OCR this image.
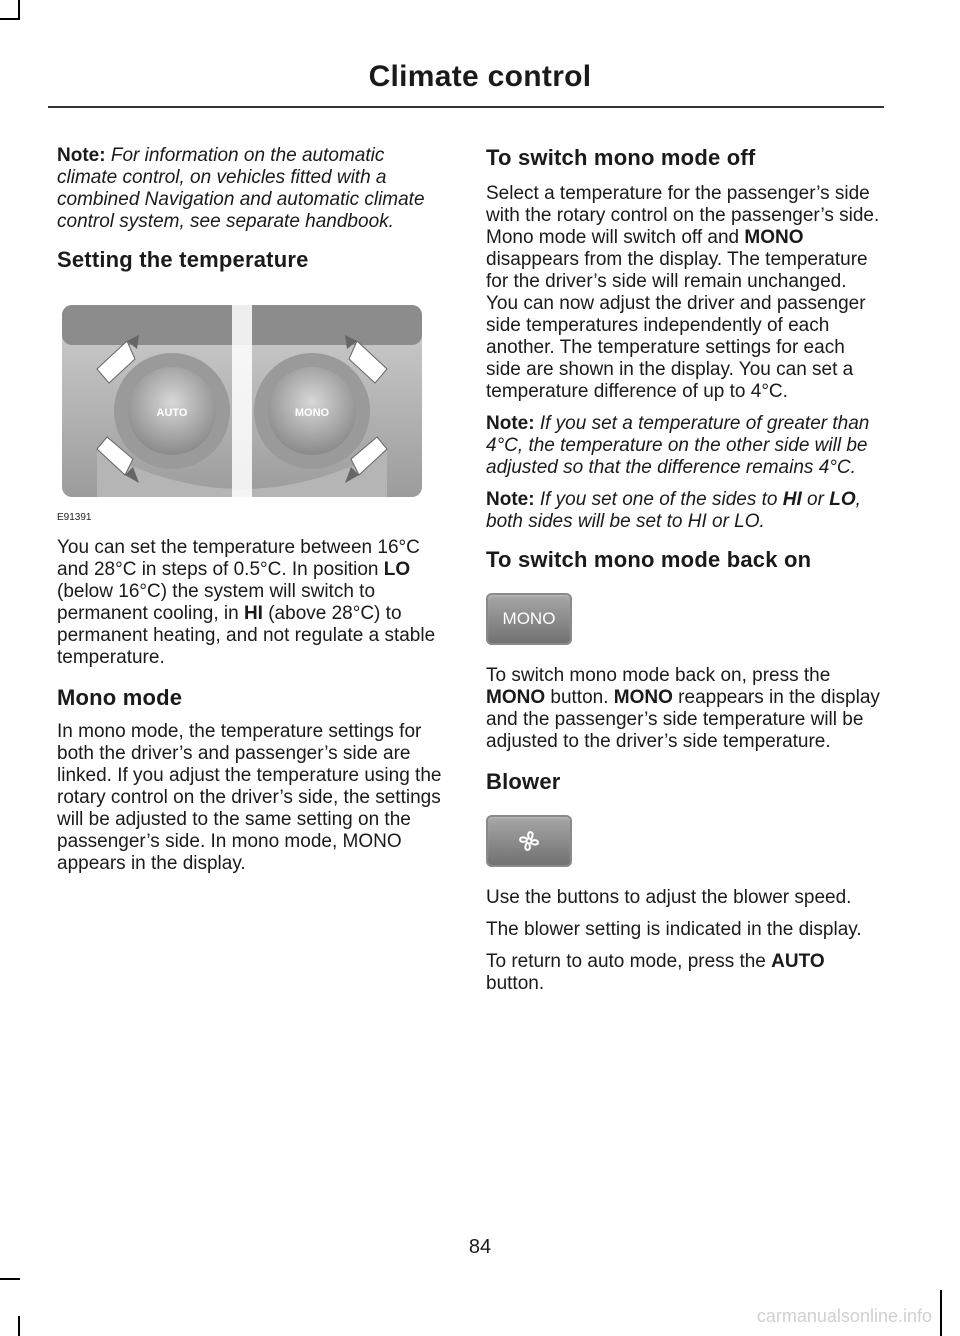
Climate control

Note: For information on the automatic climate control, on vehicles fitted with a combined Navigation and automatic climate control system, see separate handbook.

Setting the temperature
AUTO	MONO
E91391

You can set the temperature between 16°C and 28°C in steps of 0.5°C. In position LO (below 16°C) the system will switch to permanent cooling, in HI (above 28°C) to permanent heating, and not regulate a stable temperature.

Mono mode

In mono mode, the temperature settings for both the driver’s and passenger’s side are linked. If you adjust the temperature using the rotary control on the driver’s side, the settings will be adjusted to the same setting on the passenger’s side. In mono mode, MONO appears in the display.

To switch mono mode off

Select a temperature for the passenger’s side with the rotary control on the passenger’s side. Mono mode will switch off and MONO disappears from the display. The temperature for the driver’s side will remain unchanged. You can now adjust the driver and passenger side temperatures independently of each another. The temperature settings for each side are shown in the display. You can set a temperature difference of up to 4°C.

Note: If you set a temperature of greater than 4°C, the temperature on the other side will be adjusted so that the difference remains 4°C.

Note: If you set one of the sides to HI or LO, both sides will be set to HI or LO.

To switch mono mode back on
MONO

To switch mono mode back on, press the MONO button. MONO reappears in the display and the passenger’s side temperature will be adjusted to the driver’s side temperature.

Blower

Use the buttons to adjust the blower speed.

The blower setting is indicated in the display.

To return to auto mode, press the AUTO button.

84
carmanualsonline.info
